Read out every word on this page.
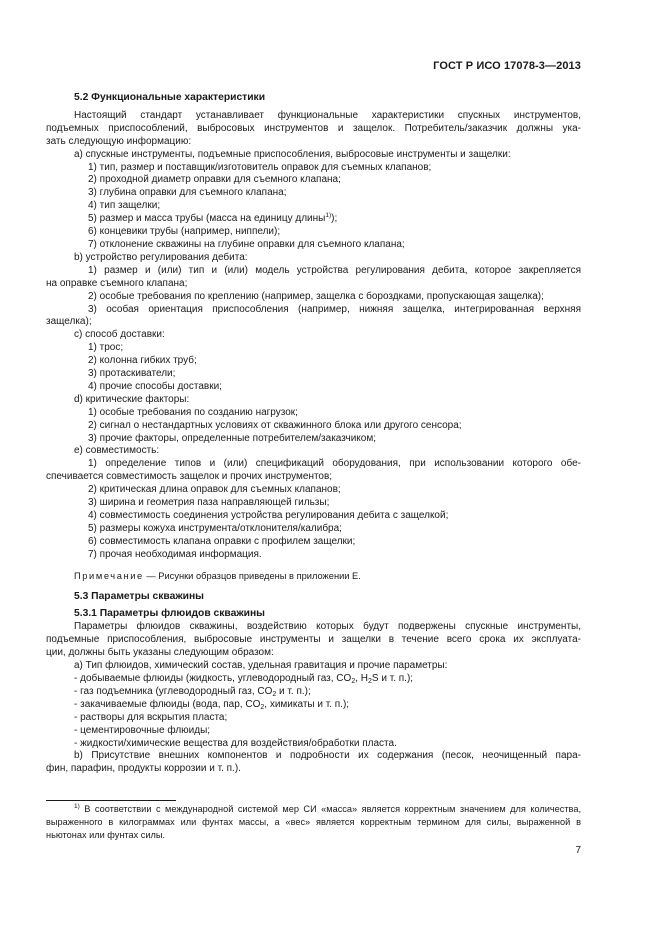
ГОСТ Р ИСО 17078-3—2013
5.2 Функциональные характеристики
Настоящий стандарт устанавливает функциональные характеристики спускных инструментов,
подъемных приспособлений, выбросовых инструментов и защелок. Потребитель/заказчик должны ука-
зать следующую информацию:
а) спускные инструменты, подъемные приспособления, выбросовые инструменты и защелки:
1) тип, размер и поставщик/изготовитель оправок для съемных клапанов;
2) проходной диаметр оправки для съемного клапана;
3) глубина оправки для съемного клапана;
4) тип защелки;
5) размер и масса трубы (масса на единицу длины$^{1)}$);
6) концевики трубы (например, ниппели);
7) отклонение скважины на глубине оправки для съемного клапана;
b) устройство регулирования дебита:
1) размер и (или) тип и (или) модель устройства регулирования дебита, которое закрепляется
на оправке съемного клапана;
2) особые требования по креплению (например, защелка с бороздками, пропускающая защелка);
3) особая ориентация приспособления (например, нижняя защелка, интегрированная верхняя
защелка);
c) способ доставки:
1) трос;
2) колонна гибких труб;
3) протаскиватели;
4) прочие способы доставки;
d) критические факторы:
1) особые требования по созданию нагрузок;
2) сигнал о нестандартных условиях от скважинного блока или другого сенсора;
3) прочие факторы, определенные потребителем/заказчиком;
e) совместимость:
1) определение типов и (или) спецификаций оборудования, при использовании которого обе-
спечивается совместимость защелок и прочих инструментов;
2) критическая длина оправок для съемных клапанов;
3) ширина и геометрия паза направляющей гильзы;
4) совместимость соединения устройства регулирования дебита с защелкой;
5) размеры кожуха инструмента/отклонителя/калибра;
6) совместимость клапана оправки с профилем защелки;
7) прочая необходимая информация.
Примечание — Рисунки образцов приведены в приложении Е.
5.3 Параметры скважины
5.3.1 Параметры флюидов скважины
Параметры флюидов скважины, воздействию которых будут подвержены спускные инструменты,
подъемные приспособления, выбросовые инструменты и защелки в течение всего срока их эксплуата-
ции, должны быть указаны следующим образом:
а) Тип флюидов, химический состав, удельная гравитация и прочие параметры:
- добываемые флюиды (жидкость, углеводородный газ, $CO_2$, $H_2S$ и т. п.);
- газ подъемника (углеводородный газ, $CO_2$ и т. п.);
- закачиваемые флюиды (вода, пар, $CO_2$, химикаты и т. п.);
- растворы для вскрытия пласта;
- цементировочные флюиды;
- жидкости/химические вещества для воздействия/обработки пласта.
b) Присутствие внешних компонентов и подробности их содержания (песок, неочищенный пара-
фин, парафин, продукты коррозии и т. п.).
$^{1)}$ В соответствии с международной системой мер СИ «масса» является корректным значением для количества,
выраженного в килограммах или фунтах массы, а «вес» является корректным термином для силы, выраженной в
ньютонах или фунтах силы.
7
